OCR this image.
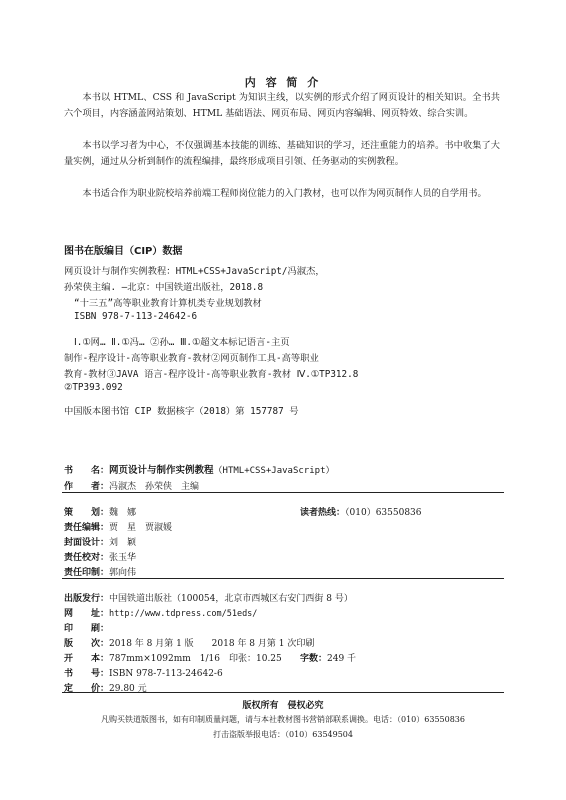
内 容 简 介

本书以 HTML、CSS 和 JavaScript 为知识主线，以实例的形式介绍了网页设计的相关知识。全书共六个项目，内容涵盖网站策划、HTML 基础语法、网页布局、网页内容编辑、网页特效、综合实训。

本书以学习者为中心，不仅强调基本技能的训练、基础知识的学习，还注重能力的培养。书中收集了大量实例，通过从分析到制作的流程编排，最终形成项目引领、任务驱动的实例教程。

本书适合作为职业院校培养前端工程师岗位能力的入门教材，也可以作为网页制作人员的自学用书。

图书在版编目（CIP）数据
网页设计与制作实例教程：HTML+CSS+JavaScript/冯淑杰，
孙荣侠主编. —北京：中国铁道出版社，2018.8
“十三五”高等职业教育计算机类专业规划教材
ISBN 978-7-113-24642-6
Ⅰ.①网… Ⅱ.①冯… ②孙… Ⅲ.①超文本标记语言-主页
制作-程序设计-高等职业教育-教材②网页制作工具-高等职业
教育-教材③JAVA 语言-程序设计-高等职业教育-教材 Ⅳ.①TP312.8
②TP393.092
中国版本图书馆 CIP 数据核字（2018）第 157787 号
书　　名：网页设计与制作实例教程（HTML+CSS+JavaScript）
作　　者：冯淑杰　孙荣侠　主编
策　　划：魏　娜	读者热线：（010）63550836
责任编辑：贾　星　贾淑媛
封面设计：刘　颖
责任校对：张玉华
责任印制：郭向伟
出版发行：中国铁道出版社（100054，北京市西城区右安门西街 8 号）
网　　址：http://www.tdpress.com/51eds/
印　　刷：
版　　次：2018 年 8 月第 1 版　　2018 年 8 月第 1 次印刷
开　　本：787mm×1092mm　1/16　印张：10.25 字数：249 千
书　　号：ISBN 978-7-113-24642-6
定　　价：29.80 元
版权所有　侵权必究
凡购买铁道版图书，如有印制质量问题，请与本社教材图书营销部联系调换。电话：（010）63550836
打击盗版举报电话：（010）63549504
